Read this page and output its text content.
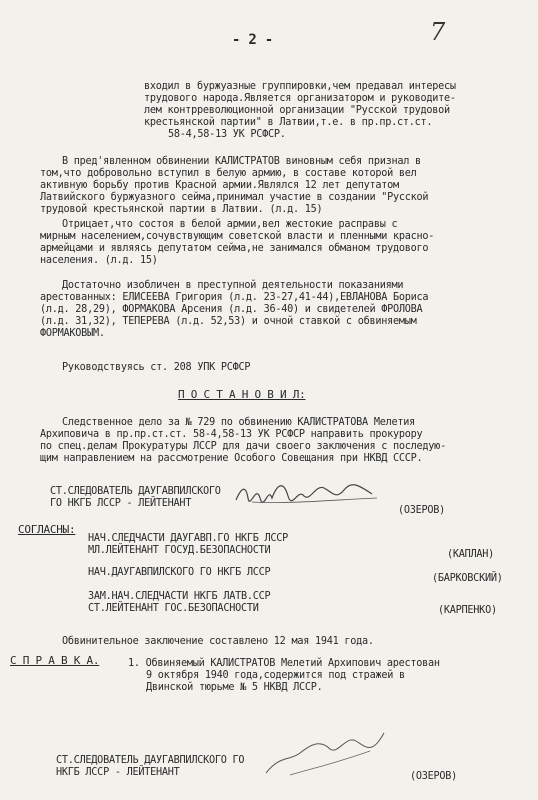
- 2 -	7
входил в буржуазные группировки,чем предавал интересы
трудового народа.Является организатором и руководите-
лем контрреволюционной организации "Русской трудовой
крестьянской партии" в Латвии,т.е. в пр.пр.ст.ст.
58-4,58-13 УК РСФСР.
В пред'явленном обвинении КАЛИСТРАТОВ виновным себя признал в
том,что добровольно вступил в белую армию, в составе которой вел
активную борьбу против Красной армии.Являлся 12 лет депутатом
Латвийского буржуазного сейма,принимал участие в создании "Русской
трудовой крестьянской партии в Латвии. (л.д. 15)
Отрицает,что состоя в белой армии,вел жестокие расправы с
мирным населением,сочувствующим советской власти и пленными красно-
армейцами и являясь депутатом сейма,не занимался обманом трудового
населения. (л.д. 15)
Достаточно изобличен в преступной деятельности показаниями
арестованных: ЕЛИСЕЕВА Григория (л.д. 23-27,41-44),ЕВЛАНОВА Бориса
(л.д. 28,29), ФОРМАКОВА Арсения (л.д. 36-40) и свидетелей ФРОЛОВА
(л.д. 31,32), ТЕПЕРЕВА (л.д. 52,53) и очной ставкой с обвиняемым
ФОРМАКОВЫМ.
Руководствуясь ст. 208 УПК РСФСР
П О С Т А Н О В И Л:
Следственное дело за № 729 по обвинению КАЛИСТРАТОВА Мелетия
Архиповича в пр.пр.ст.ст. 58-4,58-13 УК РСФСР направить прокурору
по спец.делам Прокуратуры ЛССР для дачи своего заключения с последую-
щим направлением на рассмотрение Особого Совещания при НКВД СССР.
СТ.СЛЕДОВАТЕЛЬ ДАУГАВПИЛСКОГО
ГО НКГБ ЛССР - ЛЕЙТЕНАНТ
(ОЗЕРОВ)
СОГЛАСНЫ:
НАЧ.СЛЕДЧАСТИ ДАУГАВП.ГО НКГБ ЛССР
МЛ.ЛЕЙТЕНАНТ ГОСУД.БЕЗОПАСНОСТИ	(КАПЛАН)
НАЧ.ДАУГАВПИЛСКОГО ГО НКГБ ЛССР
(БАРКОВСКИЙ)
ЗАМ.НАЧ.СЛЕДЧАСТИ НКГБ ЛАТВ.ССР
СТ.ЛЕЙТЕНАНТ ГОС.БЕЗОПАСНОСТИ	(КАРПЕНКО)
Обвинительное заключение составлено 12 мая 1941 года.
С П Р А В К А.	1. Обвиняемый КАЛИСТРАТОВ Мелетий Архипович арестован
9 октября 1940 года,содержится под стражей в
Двинской тюрьме № 5 НКВД ЛССР.
СТ.СЛЕДОВАТЕЛЬ ДАУГАВПИЛСКОГО ГО
НКГБ ЛССР - ЛЕЙТЕНАНТ	(ОЗЕРОВ)
